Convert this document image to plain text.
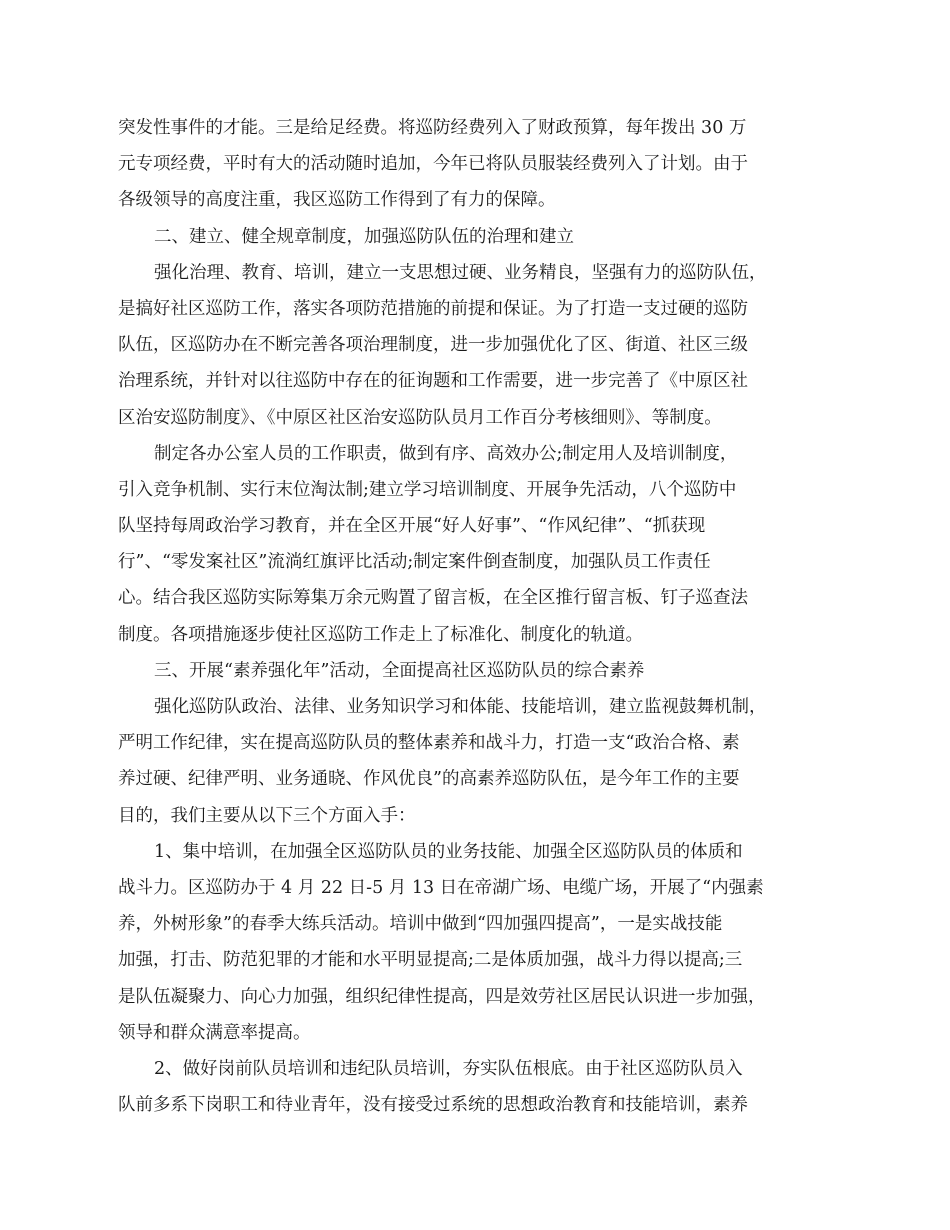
突发性事件的才能。三是给足经费。将巡防经费列入了财政预算，每年拨出 30 万
元专项经费，平时有大的活动随时追加，今年已将队员服装经费列入了计划。由于
各级领导的高度注重，我区巡防工作得到了有力的保障。
二、建立、健全规章制度，加强巡防队伍的治理和建立
强化治理、教育、培训，建立一支思想过硬、业务精良，坚强有力的巡防队伍，
是搞好社区巡防工作，落实各项防范措施的前提和保证。为了打造一支过硬的巡防
队伍，区巡防办在不断完善各项治理制度，进一步加强优化了区、街道、社区三级
治理系统，并针对以往巡防中存在的征询题和工作需要，进一步完善了《中原区社
区治安巡防制度》、《中原区社区治安巡防队员月工作百分考核细则》、等制度。
制定各办公室人员的工作职责，做到有序、高效办公;制定用人及培训制度，
引入竞争机制、实行末位淘汰制;建立学习培训制度、开展争先活动，八个巡防中
队坚持每周政治学习教育，并在全区开展“好人好事”、“作风纪律”、“抓获现
行”、“零发案社区”流淌红旗评比活动;制定案件倒查制度，加强队员工作责任
心。结合我区巡防实际筹集万余元购置了留言板，在全区推行留言板、钉子巡查法
制度。各项措施逐步使社区巡防工作走上了标准化、制度化的轨道。
三、开展“素养强化年”活动，全面提高社区巡防队员的综合素养
强化巡防队政治、法律、业务知识学习和体能、技能培训，建立监视鼓舞机制，
严明工作纪律，实在提高巡防队员的整体素养和战斗力，打造一支“政治合格、素
养过硬、纪律严明、业务通晓、作风优良”的高素养巡防队伍，是今年工作的主要
目的，我们主要从以下三个方面入手：
1、集中培训，在加强全区巡防队员的业务技能、加强全区巡防队员的体质和
战斗力。区巡防办于 4 月 22 日-5 月 13 日在帝湖广场、电缆广场，开展了“内强素
养，外树形象”的春季大练兵活动。培训中做到“四加强四提高”，一是实战技能
加强，打击、防范犯罪的才能和水平明显提高;二是体质加强，战斗力得以提高;三
是队伍凝聚力、向心力加强，组织纪律性提高，四是效劳社区居民认识进一步加强，
领导和群众满意率提高。
2、做好岗前队员培训和违纪队员培训，夯实队伍根底。由于社区巡防队员入
队前多系下岗职工和待业青年，没有接受过系统的思想政治教育和技能培训，素养
